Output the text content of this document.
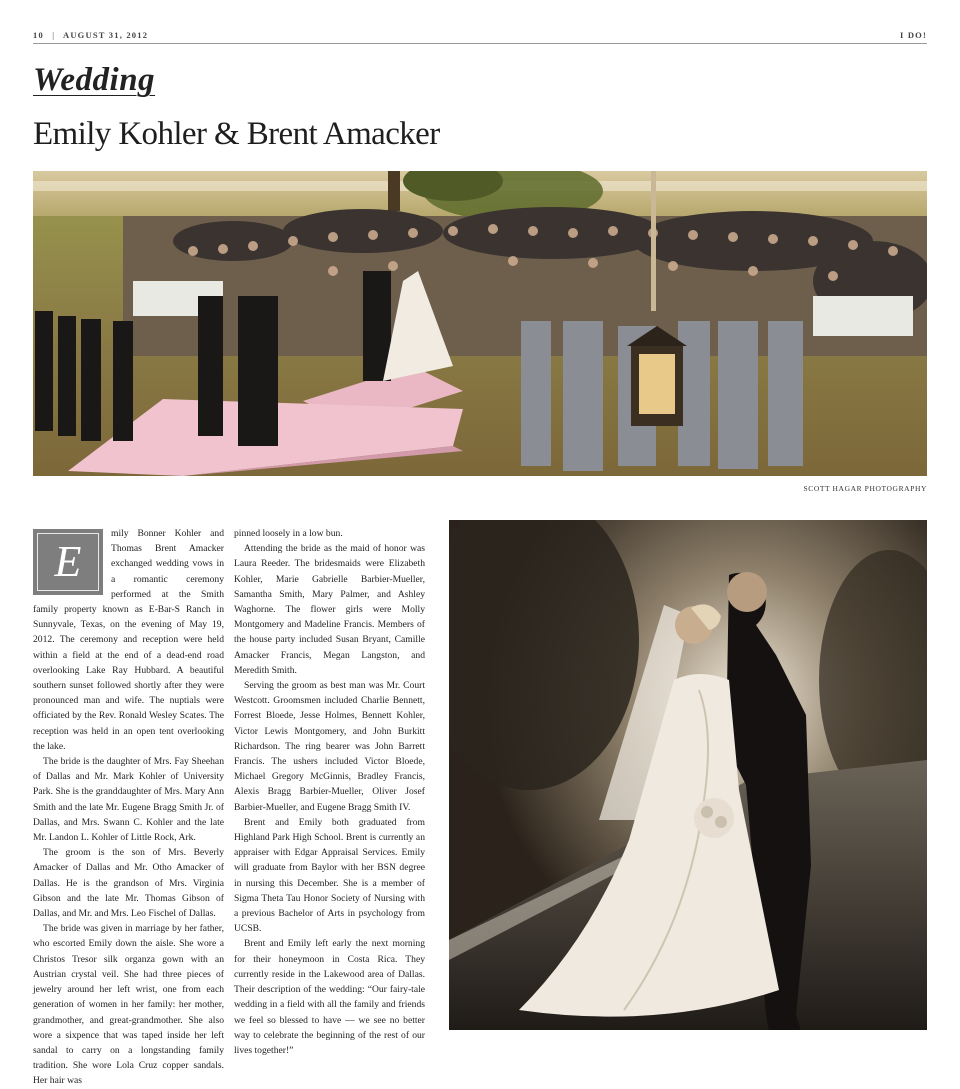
10 | AUGUST 31, 2012	I DO!
Wedding
Emily Kohler & Brent Amacker
SCOTT HAGAR PHOTOGRAPHY
E

mily Bonner Kohler and Thomas Brent Amacker exchanged wedding vows in a romantic ceremony performed at the Smith family property known as E-Bar-S Ranch in Sunnyvale, Texas, on the evening of May 19, 2012. The ceremony and reception were held within a field at the end of a dead-end road overlooking Lake Ray Hubbard. A beautiful southern sunset followed shortly after they were pronounced man and wife. The nuptials were officiated by the Rev. Ronald Wesley Scates. The reception was held in an open tent overlooking the lake.

The bride is the daughter of Mrs. Fay Sheehan of Dallas and Mr. Mark Kohler of University Park. She is the granddaughter of Mrs. Mary Ann Smith and the late Mr. Eugene Bragg Smith Jr. of Dallas, and Mrs. Swann C. Kohler and the late Mr. Landon L. Kohler of Little Rock, Ark.

The groom is the son of Mrs. Beverly Amacker of Dallas and Mr. Otho Amacker of Dallas. He is the grandson of Mrs. Virginia Gibson and the late Mr. Thomas Gibson of Dallas, and Mr. and Mrs. Leo Fischel of Dallas.

The bride was given in marriage by her father, who escorted Emily down the aisle. She wore a Christos Tresor silk organza gown with an Austrian crystal veil. She had three pieces of jewelry around her left wrist, one from each generation of women in her family: her mother, grandmother, and great-grandmother. She also wore a sixpence that was taped inside her left sandal to carry on a longstanding family tradition. She wore Lola Cruz copper sandals. Her hair was

pinned loosely in a low bun.

Attending the bride as the maid of honor was Laura Reeder. The bridesmaids were Elizabeth Kohler, Marie Gabrielle Barbier-Mueller, Samantha Smith, Mary Palmer, and Ashley Waghorne. The flower girls were Molly Montgomery and Madeline Francis. Members of the house party included Susan Bryant, Camille Amacker Francis, Megan Langston, and Meredith Smith.

Serving the groom as best man was Mr. Court Westcott. Groomsmen included Charlie Bennett, Forrest Bloede, Jesse Holmes, Bennett Kohler, Victor Lewis Montgomery, and John Burkitt Richardson. The ring bearer was John Barrett Francis. The ushers included Victor Bloede, Michael Gregory McGinnis, Bradley Francis, Alexis Bragg Barbier-Mueller, Oliver Josef Barbier-Mueller, and Eugene Bragg Smith IV.

Brent and Emily both graduated from Highland Park High School. Brent is currently an appraiser with Edgar Appraisal Services. Emily will graduate from Baylor with her BSN degree in nursing this December. She is a member of Sigma Theta Tau Honor Society of Nursing with a previous Bachelor of Arts in psychology from UCSB.

Brent and Emily left early the next morning for their honeymoon in Costa Rica. They currently reside in the Lakewood area of Dallas. Their description of the wedding: “Our fairy-tale wedding in a field with all the family and friends we feel so blessed to have — we see no better way to celebrate the beginning of the rest of our lives together!”
